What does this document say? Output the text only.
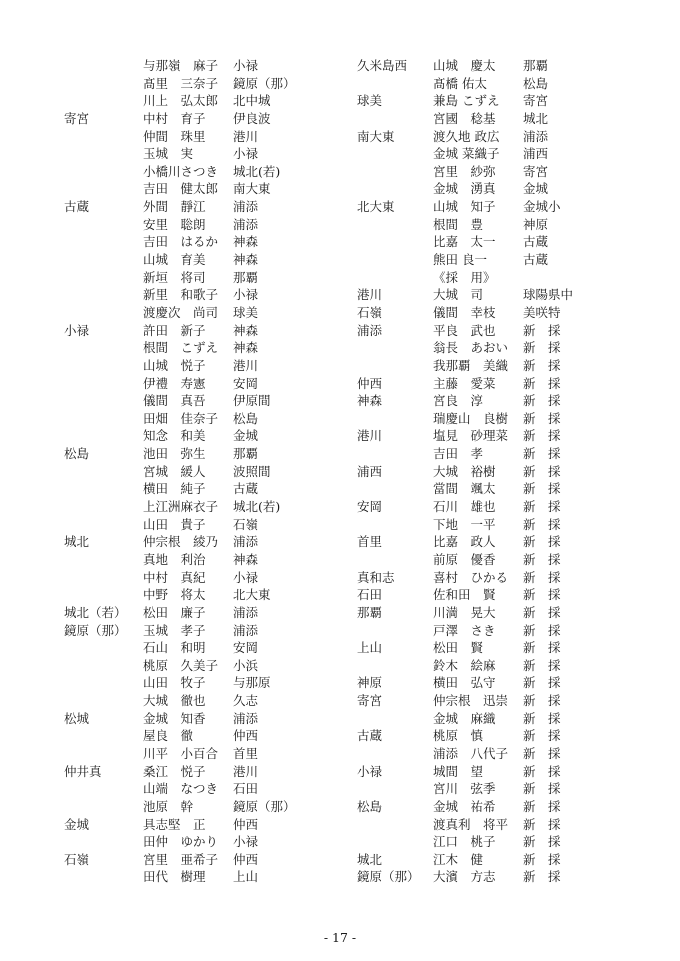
与那嶺　麻子 小禄
髙里　三奈子 鏡原（那）
川上　弘太郎 北中城
寄宮	中村　育子 伊良波
仲間　珠里 港川
玉城　実	小禄
小橋川さつき 城北(若)
吉田　健太郎 南大東
古蔵	外間　靜江 浦添
安里　聡朗 浦添
吉田　はるか 神森
山城　育美 神森
新垣　将司 那覇
新里　和歌子 小禄
渡慶次　尚司 球美
小禄	許田　新子 神森
根間　こずえ 神森
山城　悦子 港川
伊禮　寿憲 安岡
儀間　真吾 伊原間
田畑　佳奈子 松島
知念　和美 金城
松島	池田　弥生 那覇
宮城　緩人 波照間
横田　純子 古蔵
上江洲麻衣子 城北(若)
山田　貴子 石嶺
城北	仲宗根　綾乃 浦添
真地　利治 神森
中村　真紀 小禄
中野　将太 北大東
城北（若） 松田　廉子 浦添
鏡原（那） 玉城　孝子 浦添
石山　和明 安岡
桃原　久美子 小浜
山田　牧子 与那原
大城　徹也 久志
松城	金城　知香 浦添
屋良　徹	仲西
川平　小百合 首里
仲井真	桑江　悦子 港川
山端　なつき 石田
池原　幹	鏡原（那）
金城	具志堅　正 仲西
田仲　ゆかり 小禄
石嶺	宮里　亜希子 仲西
田代　樹理 上山
久米島西 山城　慶太 那覇
髙橋 佑太	松島
球美	兼島 こずえ 寄宮
宮國　稔基 城北
南大東	渡久地 政広 浦添
金城 菜織子 浦西
宮里　紗弥 寄宮
金城　湧真 金城
北大東	山城　知子 金城小
根間　豊	神原
比嘉　太一 古蔵
熊田 良一	古蔵
《採　用》
港川	大城　司	球陽県中
石嶺	儀間　幸枝 美咲特
浦添	平良　武也 新　採
翁長　あおい 新　採
我那覇　美織 新　採
仲西	主藤　愛菜 新　採
神森	宮良　淳	新　採
瑞慶山　良樹 新　採
港川	塩見　砂理菜 新　採
吉田　孝	新　採
浦西	大城　裕樹 新　採
當間　颯太 新　採
安岡	石川　雄也 新　採
下地　一平 新　採
首里	比嘉　政人 新　採
前原　優香 新　採
真和志	喜村　ひかる 新　採
石田	佐和田　賢 新　採
那覇	川満　晃大 新　採
戸澤　さき 新　採
上山	松田　賢	新　採
鈴木　絵麻 新　採
神原	横田　弘守 新　採
寄宮	仲宗根　迅崇 新　採
金城　麻織 新　採
古蔵	桃原　慎	新　採
浦添　八代子 新　採
小禄	城間　望	新　採
宮川　弦季 新　採
松島	金城　祐希 新　採
渡真利　将平 新　採
江口　桃子 新　採
城北	江木　健	新　採
鏡原（那） 大濱　方志 新　採
- 17 -
